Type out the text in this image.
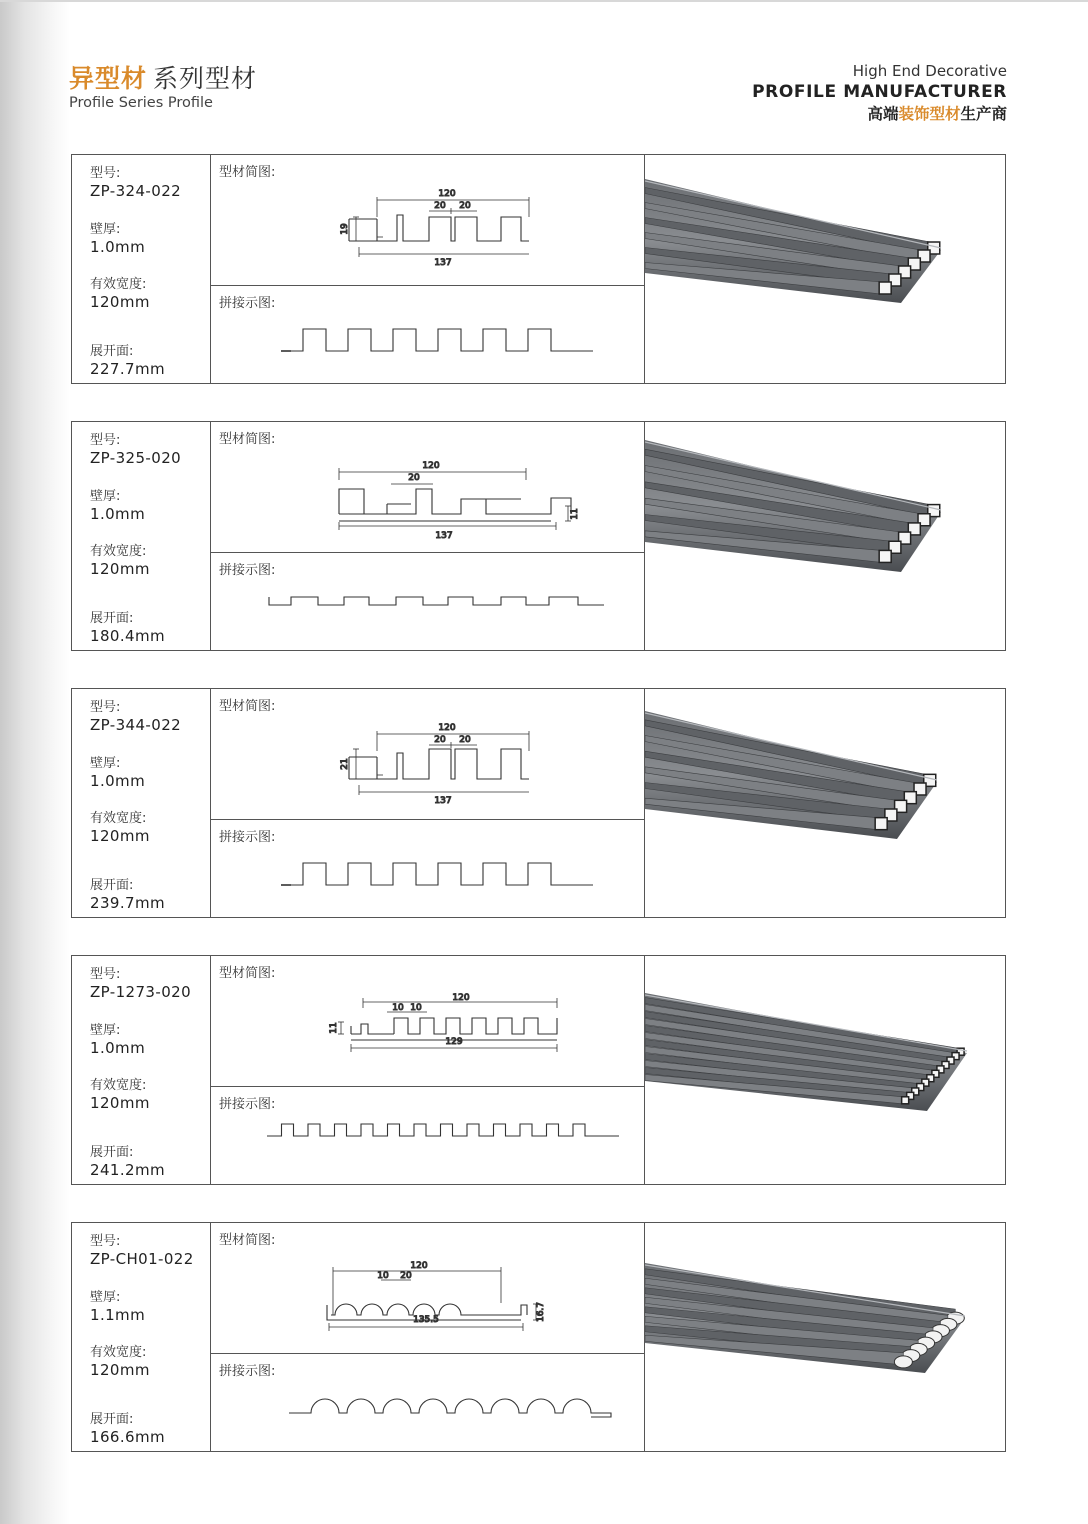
异型材 系列型材
Profile Series Profile
High End Decorative
PROFILE MANUFACTURER
高端装饰型材生产商
型号:
ZP-324-022
壁厚:
1.0mm
有效宽度:
120mm
展开面:
227.7mm
型材简图:
拼接示图:
120
20 20
19
137
型号:
ZP-325-020
壁厚:
1.0mm
有效宽度:
120mm
展开面:
180.4mm
型材简图:
拼接示图:
120
20
11
137
型号:
ZP-344-022
壁厚:
1.0mm
有效宽度:
120mm
展开面:
239.7mm
型材简图:
拼接示图:
120
20 20
21
137
型号:
ZP-1273-020
壁厚:
1.0mm
有效宽度:
120mm
展开面:
241.2mm
型材简图:
拼接示图:
120
10 10
11
129
型号:
ZP-CH01-022
壁厚:
1.1mm
有效宽度:
120mm
展开面:
166.6mm
型材简图:
拼接示图:
120
10 20
16.7
135.5
